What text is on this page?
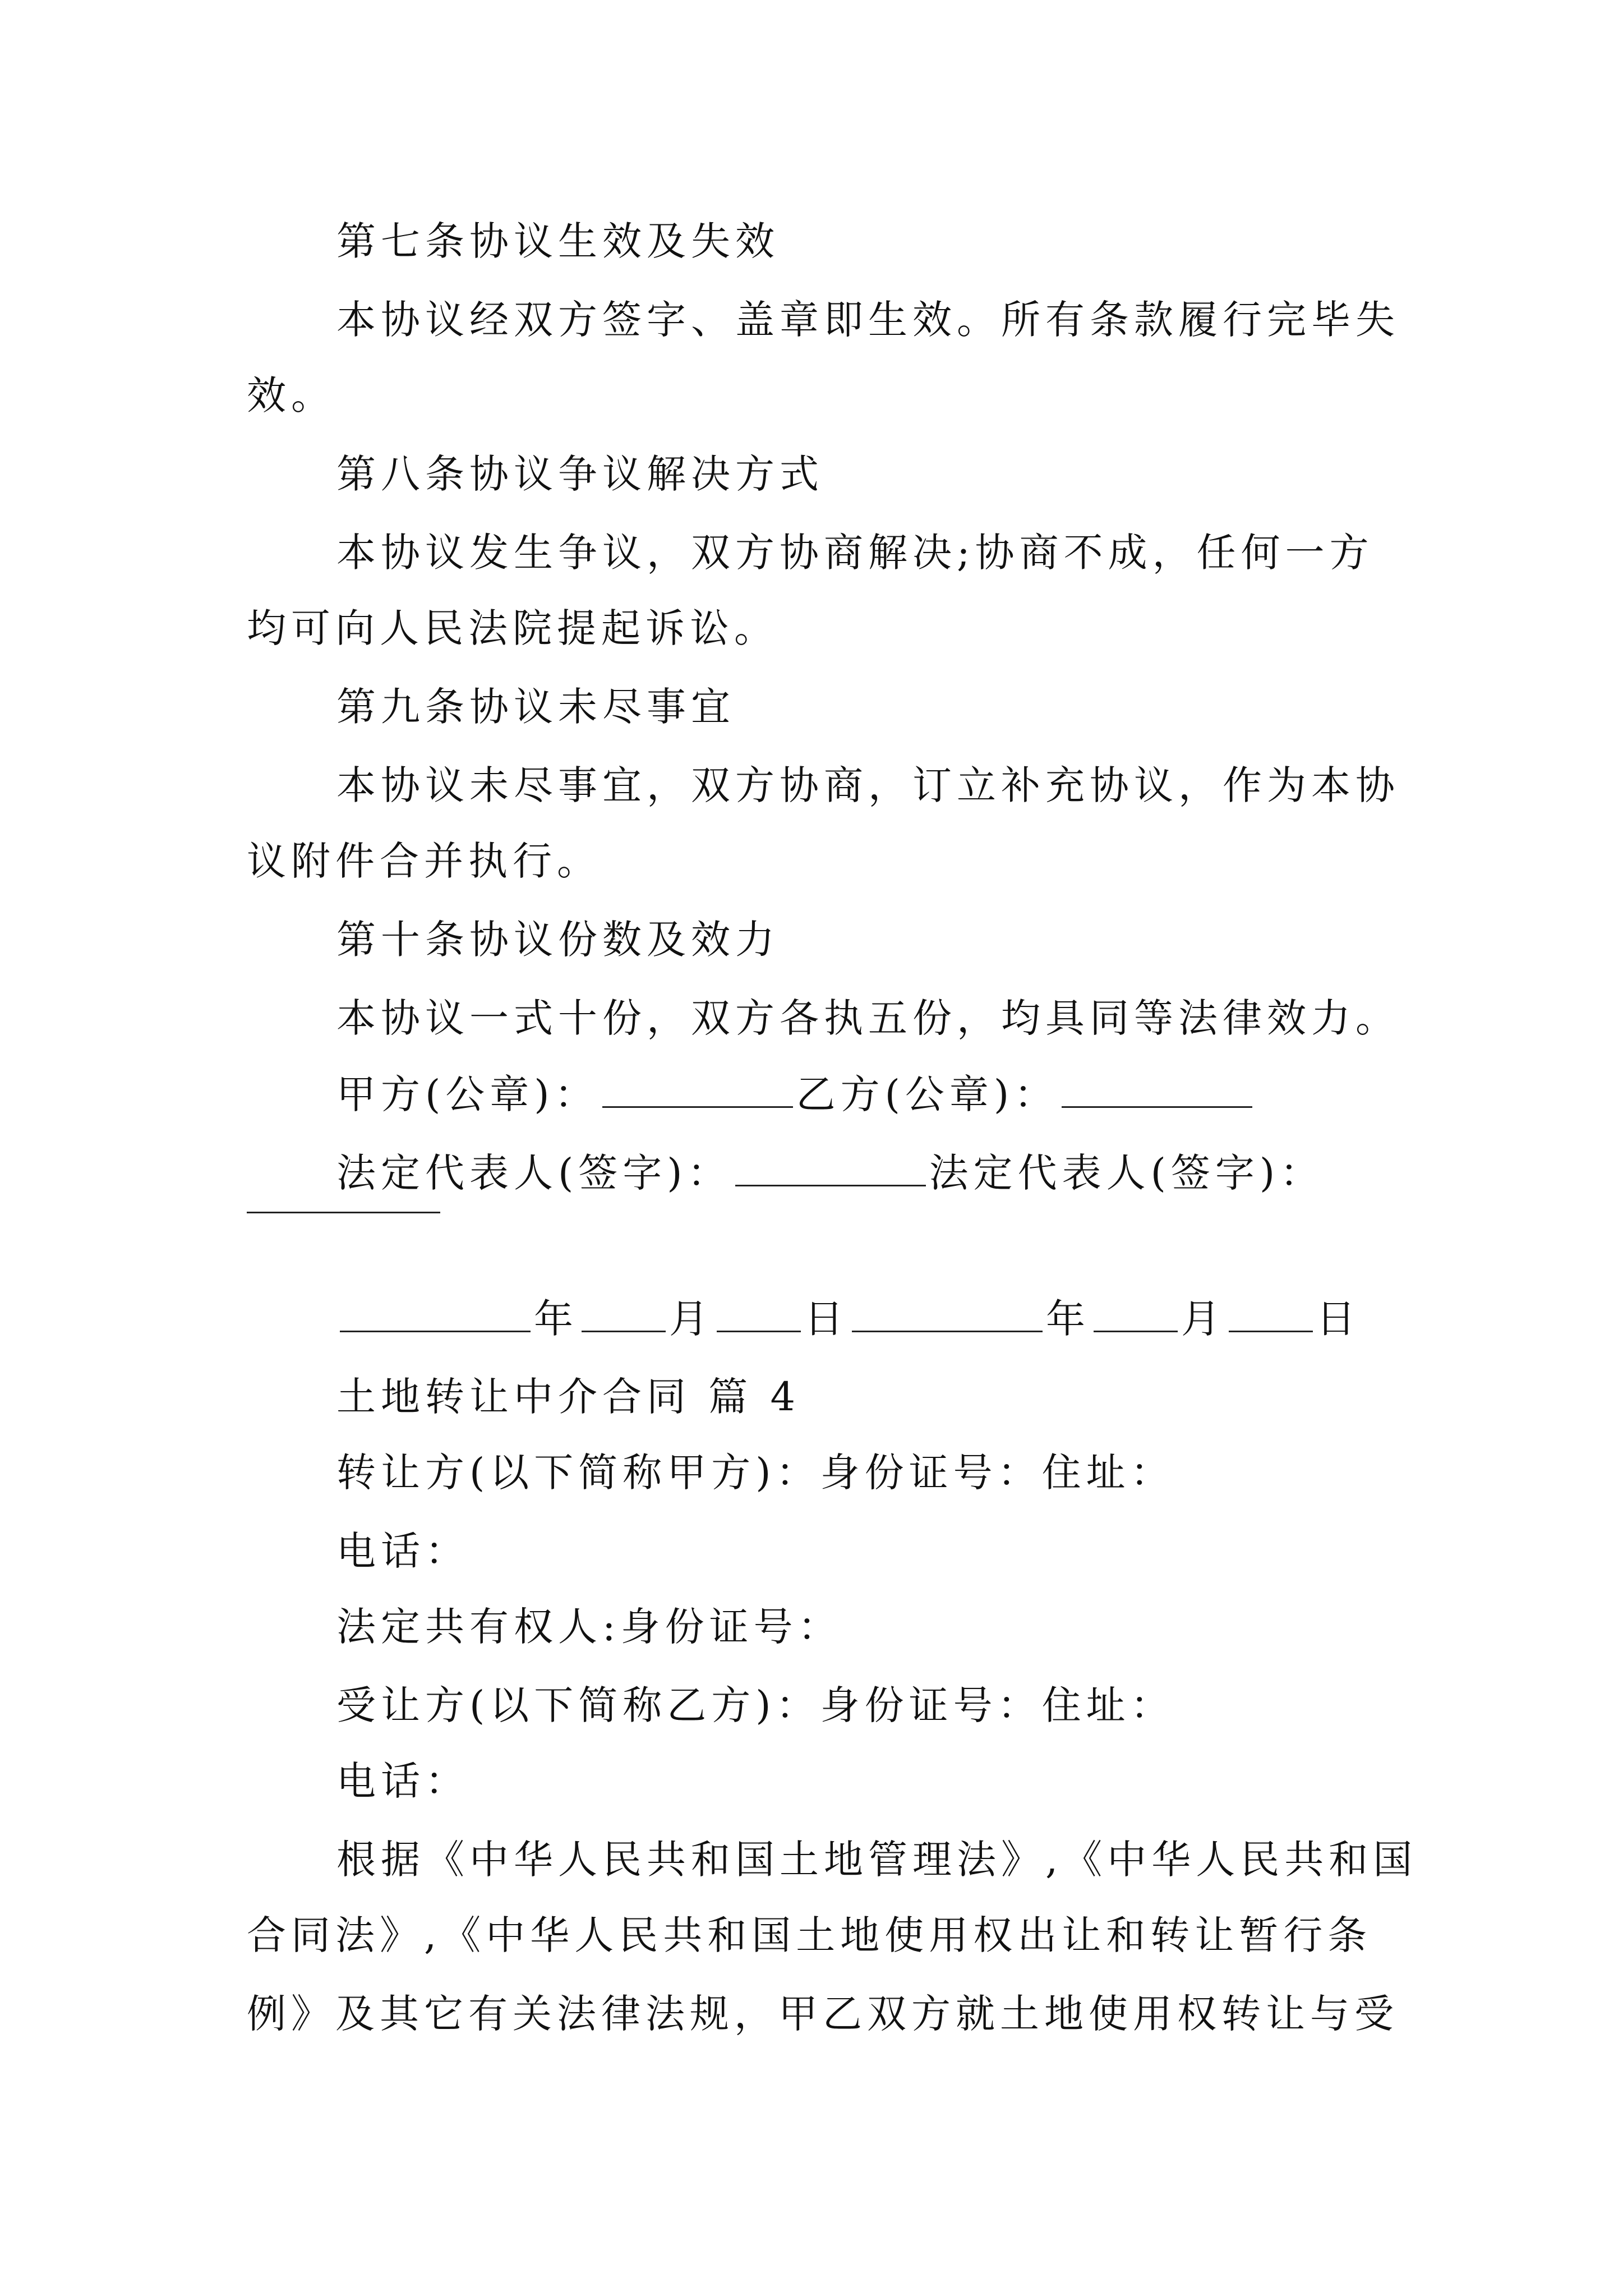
第七条协议生效及失效
本协议经双方签字、盖章即生效。所有条款履行完毕失
效。
第八条协议争议解决方式
本协议发生争议，双方协商解决;协商不成，任何一方
均可向人民法院提起诉讼。
第九条协议未尽事宜
本协议未尽事宜，双方协商，订立补充协议，作为本协
议附件合并执行。
第十条协议份数及效力
本协议一式十份，双方各执五份，均具同等法律效力。
甲方(公章)：	乙方(公章)：
法定代表人(签字)：	法定代表人(签字)：
年 月 日	年 月 日
土地转让中介合同 篇 4
转让方(以下简称甲方)：身份证号：住址：
电话：
法定共有权人:身份证号：
受让方(以下简称乙方)：身份证号：住址：
电话：
根据《中华人民共和国土地管理法》,《中华人民共和国
合同法》,《中华人民共和国土地使用权出让和转让暂行条
例》及其它有关法律法规，甲乙双方就土地使用权转让与受
